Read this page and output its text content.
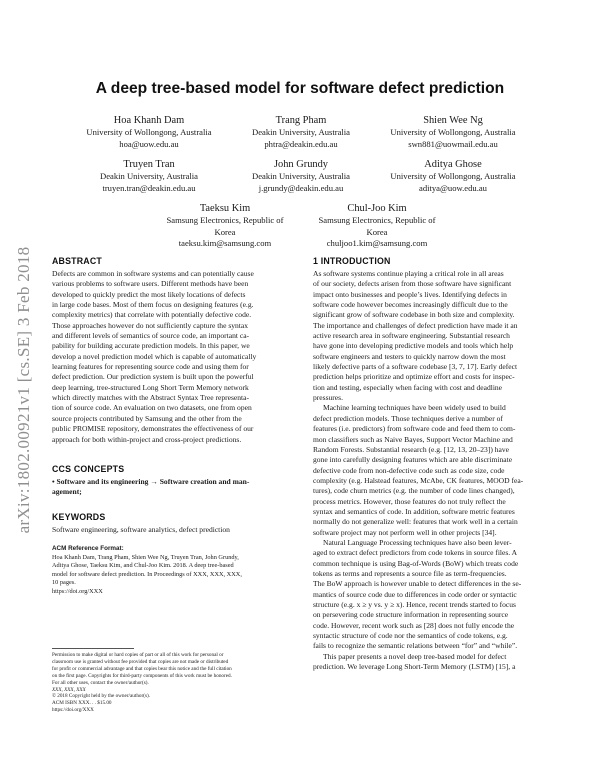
arXiv:1802.00921v1 [cs.SE] 3 Feb 2018
A deep tree-based model for software defect prediction
Hoa Khanh Dam
University of Wollongong, Australia
hoa@uow.edu.au
Trang Pham
Deakin University, Australia
phtra@deakin.edu.au
Shien Wee Ng
University of Wollongong, Australia
swn881@uowmail.edu.au
Truyen Tran
Deakin University, Australia
truyen.tran@deakin.edu.au
John Grundy
Deakin University, Australia
j.grundy@deakin.edu.au
Aditya Ghose
University of Wollongong, Australia
aditya@uow.edu.au
Taeksu Kim
Samsung Electronics, Republic of
Korea
taeksu.kim@samsung.com
Chul-Joo Kim
Samsung Electronics, Republic of
Korea
chuljoo1.kim@samsung.com
ABSTRACT
Defects are common in software systems and can potentially cause
various problems to software users. Different methods have been
developed to quickly predict the most likely locations of defects
in large code bases. Most of them focus on designing features (e.g.
complexity metrics) that correlate with potentially defective code.
Those approaches however do not sufficiently capture the syntax
and different levels of semantics of source code, an important ca-
pability for building accurate prediction models. In this paper, we
develop a novel prediction model which is capable of automatically
learning features for representing source code and using them for
defect prediction. Our prediction system is built upon the powerful
deep learning, tree-structured Long Short Term Memory network
which directly matches with the Abstract Syntax Tree representa-
tion of source code. An evaluation on two datasets, one from open
source projects contributed by Samsung and the other from the
public PROMISE repository, demonstrates the effectiveness of our
approach for both within-project and cross-project predictions.
CCS CONCEPTS
• Software and its engineering → Software creation and man-
agement;
KEYWORDS
Software engineering, software analytics, defect prediction
ACM Reference Format:
Hoa Khanh Dam, Trang Pham, Shien Wee Ng, Truyen Tran, John Grundy,
Aditya Ghose, Taeksu Kim, and Chul-Joo Kim. 2018. A deep tree-based
model for software defect prediction. In Proceedings of XXX, XXX, XXX,
10 pages.
https://doi.org/XXX
Permission to make digital or hard copies of part or all of this work for personal or
classroom use is granted without fee provided that copies are not made or distributed
for profit or commercial advantage and that copies bear this notice and the full citation
on the first page. Copyrights for third-party components of this work must be honored.
For all other uses, contact the owner/author(s).
XXX, XXX, XXX
© 2018 Copyright held by the owner/author(s).
ACM ISBN XXX. . . $15.00
https://doi.org/XXX
1 INTRODUCTION
As software systems continue playing a critical role in all areas
of our society, defects arisen from those software have significant
impact onto businesses and people’s lives. Identifying defects in
software code however becomes increasingly difficult due to the
significant grow of software codebase in both size and complexity.
The importance and challenges of defect prediction have made it an
active research area in software engineering. Substantial research
have gone into developing predictive models and tools which help
software engineers and testers to quickly narrow down the most
likely defective parts of a software codebase [3, 7, 17]. Early defect
prediction helps prioritize and optimize effort and costs for inspec-
tion and testing, especially when facing with cost and deadline
pressures.
Machine learning techniques have been widely used to build
defect prediction models. Those techniques derive a number of
features (i.e. predictors) from software code and feed them to com-
mon classifiers such as Naive Bayes, Support Vector Machine and
Random Forests. Substantial research (e.g. [12, 13, 20–23]) have
gone into carefully designing features which are able discriminate
defective code from non-defective code such as code size, code
complexity (e.g. Halstead features, McAbe, CK features, MOOD fea-
tures), code churn metrics (e.g. the number of code lines changed),
process metrics. However, those features do not truly reflect the
syntax and semantics of code. In addition, software metric features
normally do not generalize well: features that work well in a certain
software project may not perform well in other projects [34].
Natural Language Processing techniques have also been lever-
aged to extract defect predictors from code tokens in source files. A
common technique is using Bag-of-Words (BoW) which treats code
tokens as terms and represents a source file as term-frequencies.
The BoW approach is however unable to detect differences in the se-
mantics of source code due to differences in code order or syntactic
structure (e.g. x ≥ y vs. y ≥ x). Hence, recent trends started to focus
on persevering code structure information in representing source
code. However, recent work such as [28] does not fully encode the
syntactic structure of code nor the semantics of code tokens, e.g.
fails to recognize the semantic relations between “for” and “while”.
This paper presents a novel deep tree-based model for defect
prediction. We leverage Long Short-Term Memory (LSTM) [15], a
